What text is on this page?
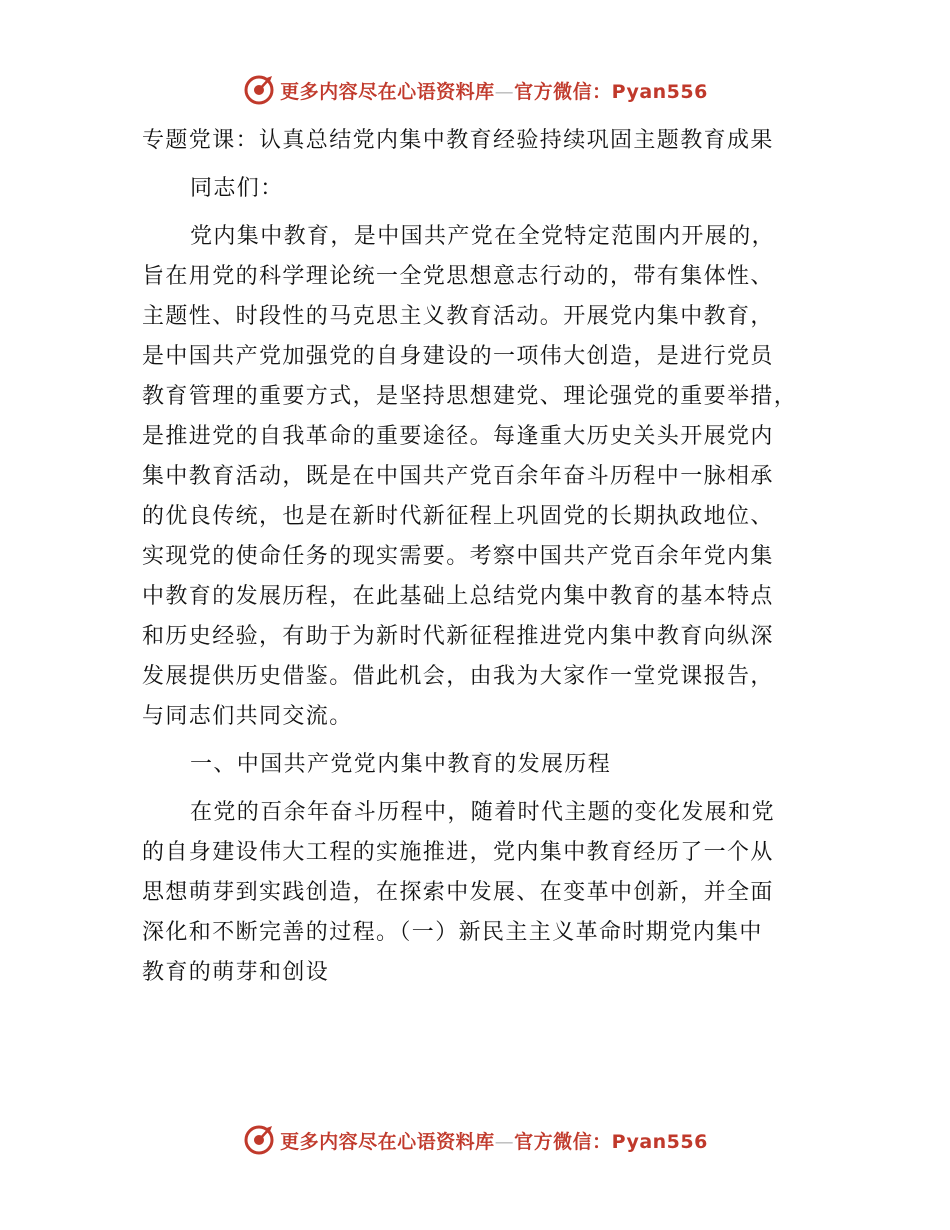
更多内容尽在心语资料库—官方微信：Pyan556
专题党课：认真总结党内集中教育经验持续巩固主题教育成果
同志们：
党内集中教育，是中国共产党在全党特定范围内开展的，
旨在用党的科学理论统一全党思想意志行动的，带有集体性、
主题性、时段性的马克思主义教育活动。开展党内集中教育，
是中国共产党加强党的自身建设的一项伟大创造，是进行党员
教育管理的重要方式，是坚持思想建党、理论强党的重要举措，
是推进党的自我革命的重要途径。每逢重大历史关头开展党内
集中教育活动，既是在中国共产党百余年奋斗历程中一脉相承
的优良传统，也是在新时代新征程上巩固党的长期执政地位、
实现党的使命任务的现实需要。考察中国共产党百余年党内集
中教育的发展历程，在此基础上总结党内集中教育的基本特点
和历史经验，有助于为新时代新征程推进党内集中教育向纵深
发展提供历史借鉴。借此机会，由我为大家作一堂党课报告，
与同志们共同交流。
一、中国共产党党内集中教育的发展历程
在党的百余年奋斗历程中，随着时代主题的变化发展和党
的自身建设伟大工程的实施推进，党内集中教育经历了一个从
思想萌芽到实践创造，在探索中发展、在变革中创新，并全面
深化和不断完善的过程。（一）新民主主义革命时期党内集中
教育的萌芽和创设
更多内容尽在心语资料库—官方微信：Pyan556
